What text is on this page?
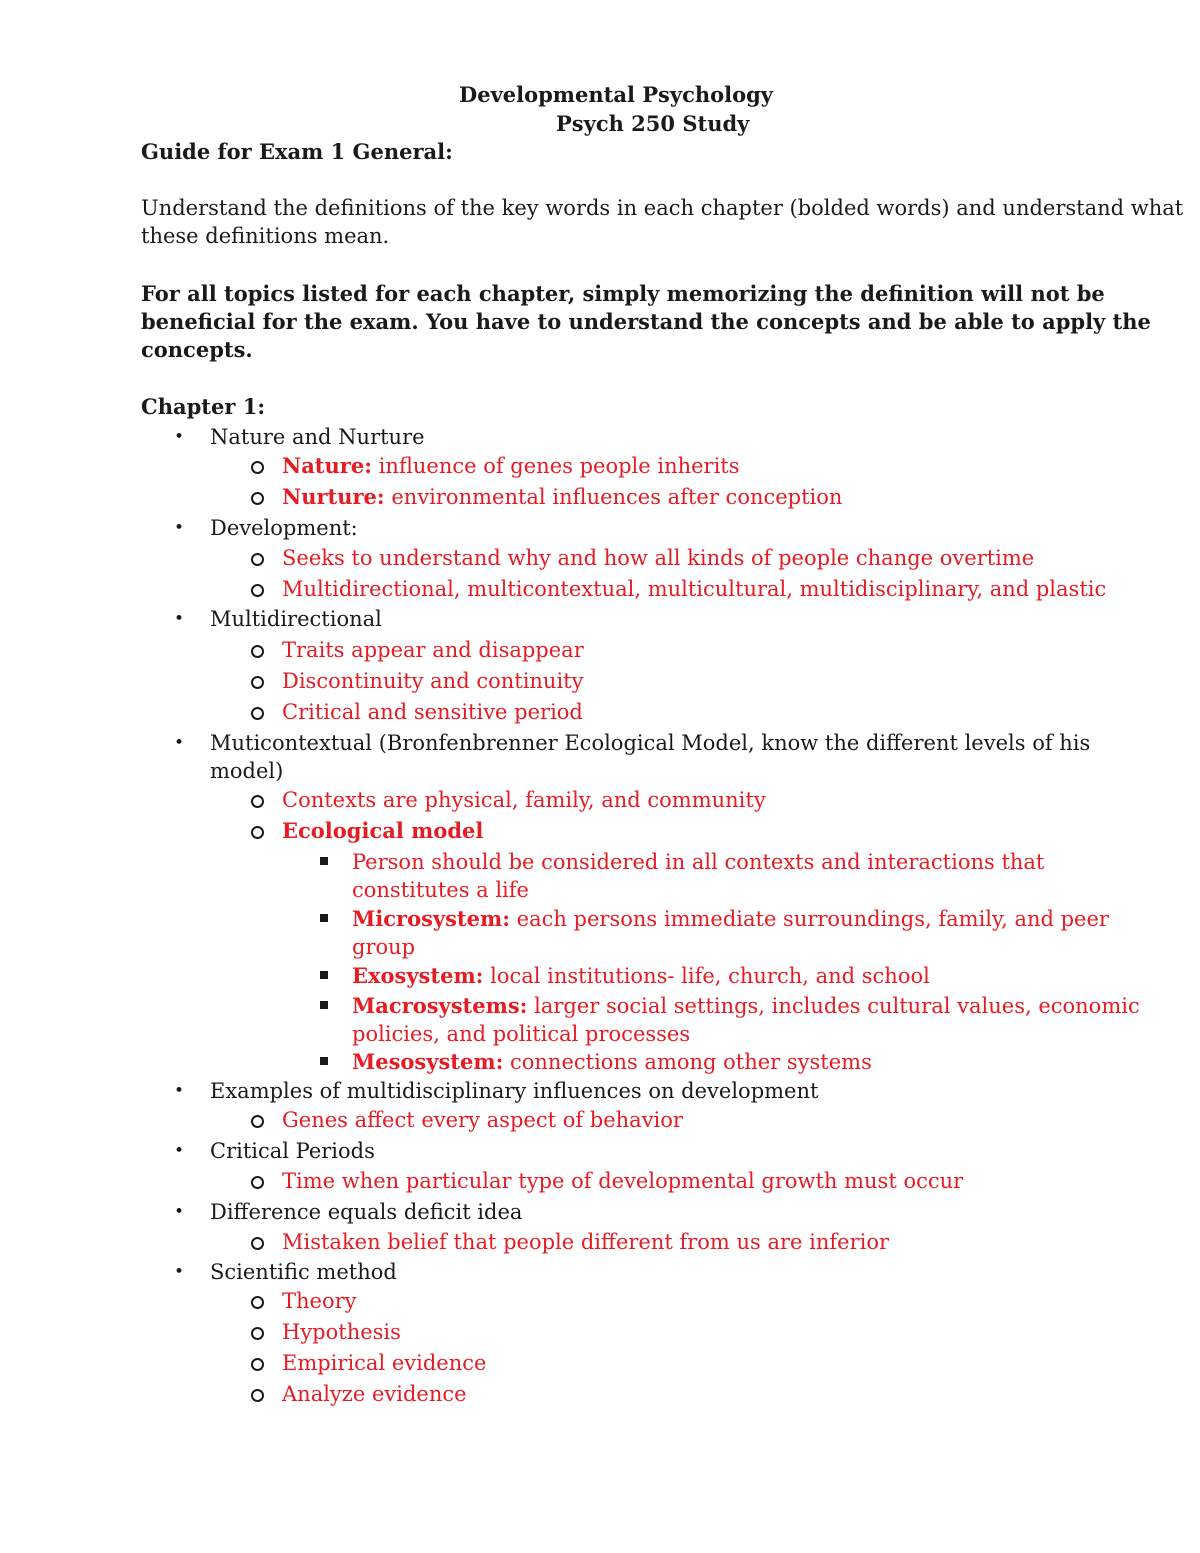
Developmental Psychology
Psych 250 Study
Guide for Exam 1 General:
Understand the definitions of the key words in each chapter (bolded words) and understand what
these definitions mean.
For all topics listed for each chapter, simply memorizing the definition will not be
beneficial for the exam. You have to understand the concepts and be able to apply the
concepts.
Chapter 1:
• Nature and Nurture
Nature: influence of genes people inherits
Nurture: environmental influences after conception
• Development:
Seeks to understand why and how all kinds of people change overtime
Multidirectional, multicontextual, multicultural, multidisciplinary, and plastic
• Multidirectional
Traits appear and disappear
Discontinuity and continuity
Critical and sensitive period
• Muticontextual (Bronfenbrenner Ecological Model, know the different levels of his
model)
Contexts are physical, family, and community
Ecological model
Person should be considered in all contexts and interactions that
constitutes a life
Microsystem: each persons immediate surroundings, family, and peer
group
Exosystem: local institutions- life, church, and school
Macrosystems: larger social settings, includes cultural values, economic
policies, and political processes
Mesosystem: connections among other systems
• Examples of multidisciplinary influences on development
Genes affect every aspect of behavior
• Critical Periods
Time when particular type of developmental growth must occur
• Difference equals deficit idea
Mistaken belief that people different from us are inferior
• Scientific method
Theory
Hypothesis
Empirical evidence
Analyze evidence
